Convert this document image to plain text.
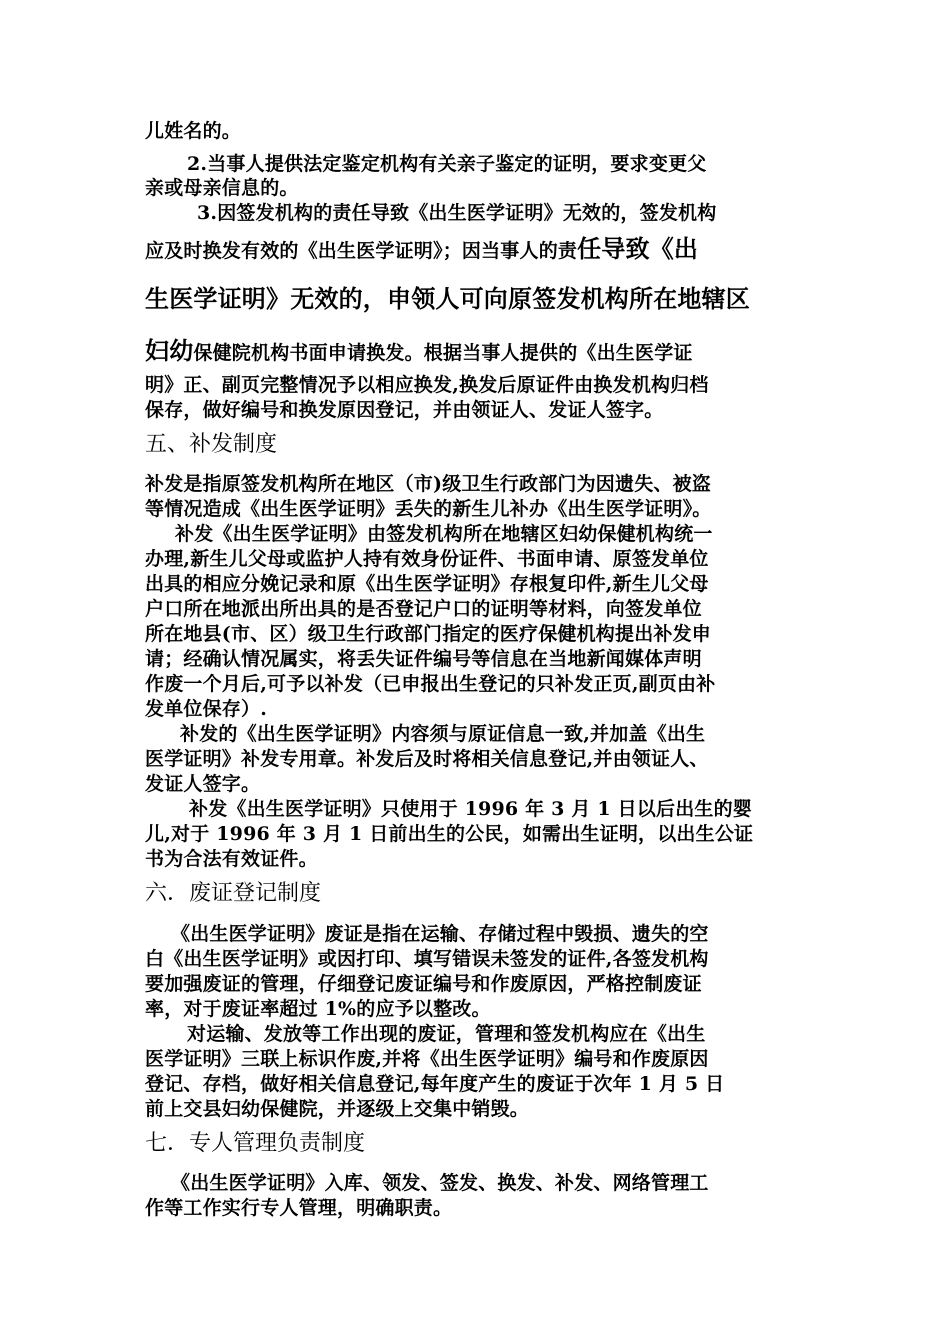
儿姓名的。
2.当事人提供法定鉴定机构有关亲子鉴定的证明，要求变更父
亲或母亲信息的。
3.因签发机构的责任导致《出生医学证明》无效的，签发机构
应及时换发有效的《出生医学证明》；因当事人的责任导致《出
生医学证明》无效的，申领人可向原签发机构所在地辖区
妇幼保健院机构书面申请换发。根据当事人提供的《出生医学证
明》正、副页完整情况予以相应换发,换发后原证件由换发机构归档
保存，做好编号和换发原因登记，并由领证人、发证人签字。
五、补发制度
补发是指原签发机构所在地区（市)级卫生行政部门为因遗失、被盗
等情况造成《出生医学证明》丢失的新生儿补办《出生医学证明》。
补发《出生医学证明》由签发机构所在地辖区妇幼保健机构统一
办理,新生儿父母或监护人持有效身份证件、书面申请、原签发单位
出具的相应分娩记录和原《出生医学证明》存根复印件,新生儿父母
户口所在地派出所出具的是否登记户口的证明等材料，向签发单位
所在地县(市、区）级卫生行政部门指定的医疗保健机构提出补发申
请；经确认情况属实，将丢失证件编号等信息在当地新闻媒体声明
作废一个月后,可予以补发（已申报出生登记的只补发正页,副页由补
发单位保存）.
补发的《出生医学证明》内容须与原证信息一致,并加盖《出生
医学证明》补发专用章。补发后及时将相关信息登记,并由领证人、
发证人签字。
补发《出生医学证明》只使用于 1996 年 3 月 1 日以后出生的婴
儿,对于 1996 年 3 月 1 日前出生的公民，如需出生证明，以出生公证
书为合法有效证件。
六．废证登记制度
《出生医学证明》废证是指在运输、存储过程中毁损、遗失的空
白《出生医学证明》或因打印、填写错误未签发的证件,各签发机构
要加强废证的管理，仔细登记废证编号和作废原因，严格控制废证
率，对于废证率超过 1%的应予以整改。
对运输、发放等工作出现的废证，管理和签发机构应在《出生
医学证明》三联上标识作废,并将《出生医学证明》编号和作废原因
登记、存档，做好相关信息登记,每年度产生的废证于次年 1 月 5 日
前上交县妇幼保健院，并逐级上交集中销毁。
七．专人管理负责制度
《出生医学证明》入库、领发、签发、换发、补发、网络管理工
作等工作实行专人管理，明确职责。
